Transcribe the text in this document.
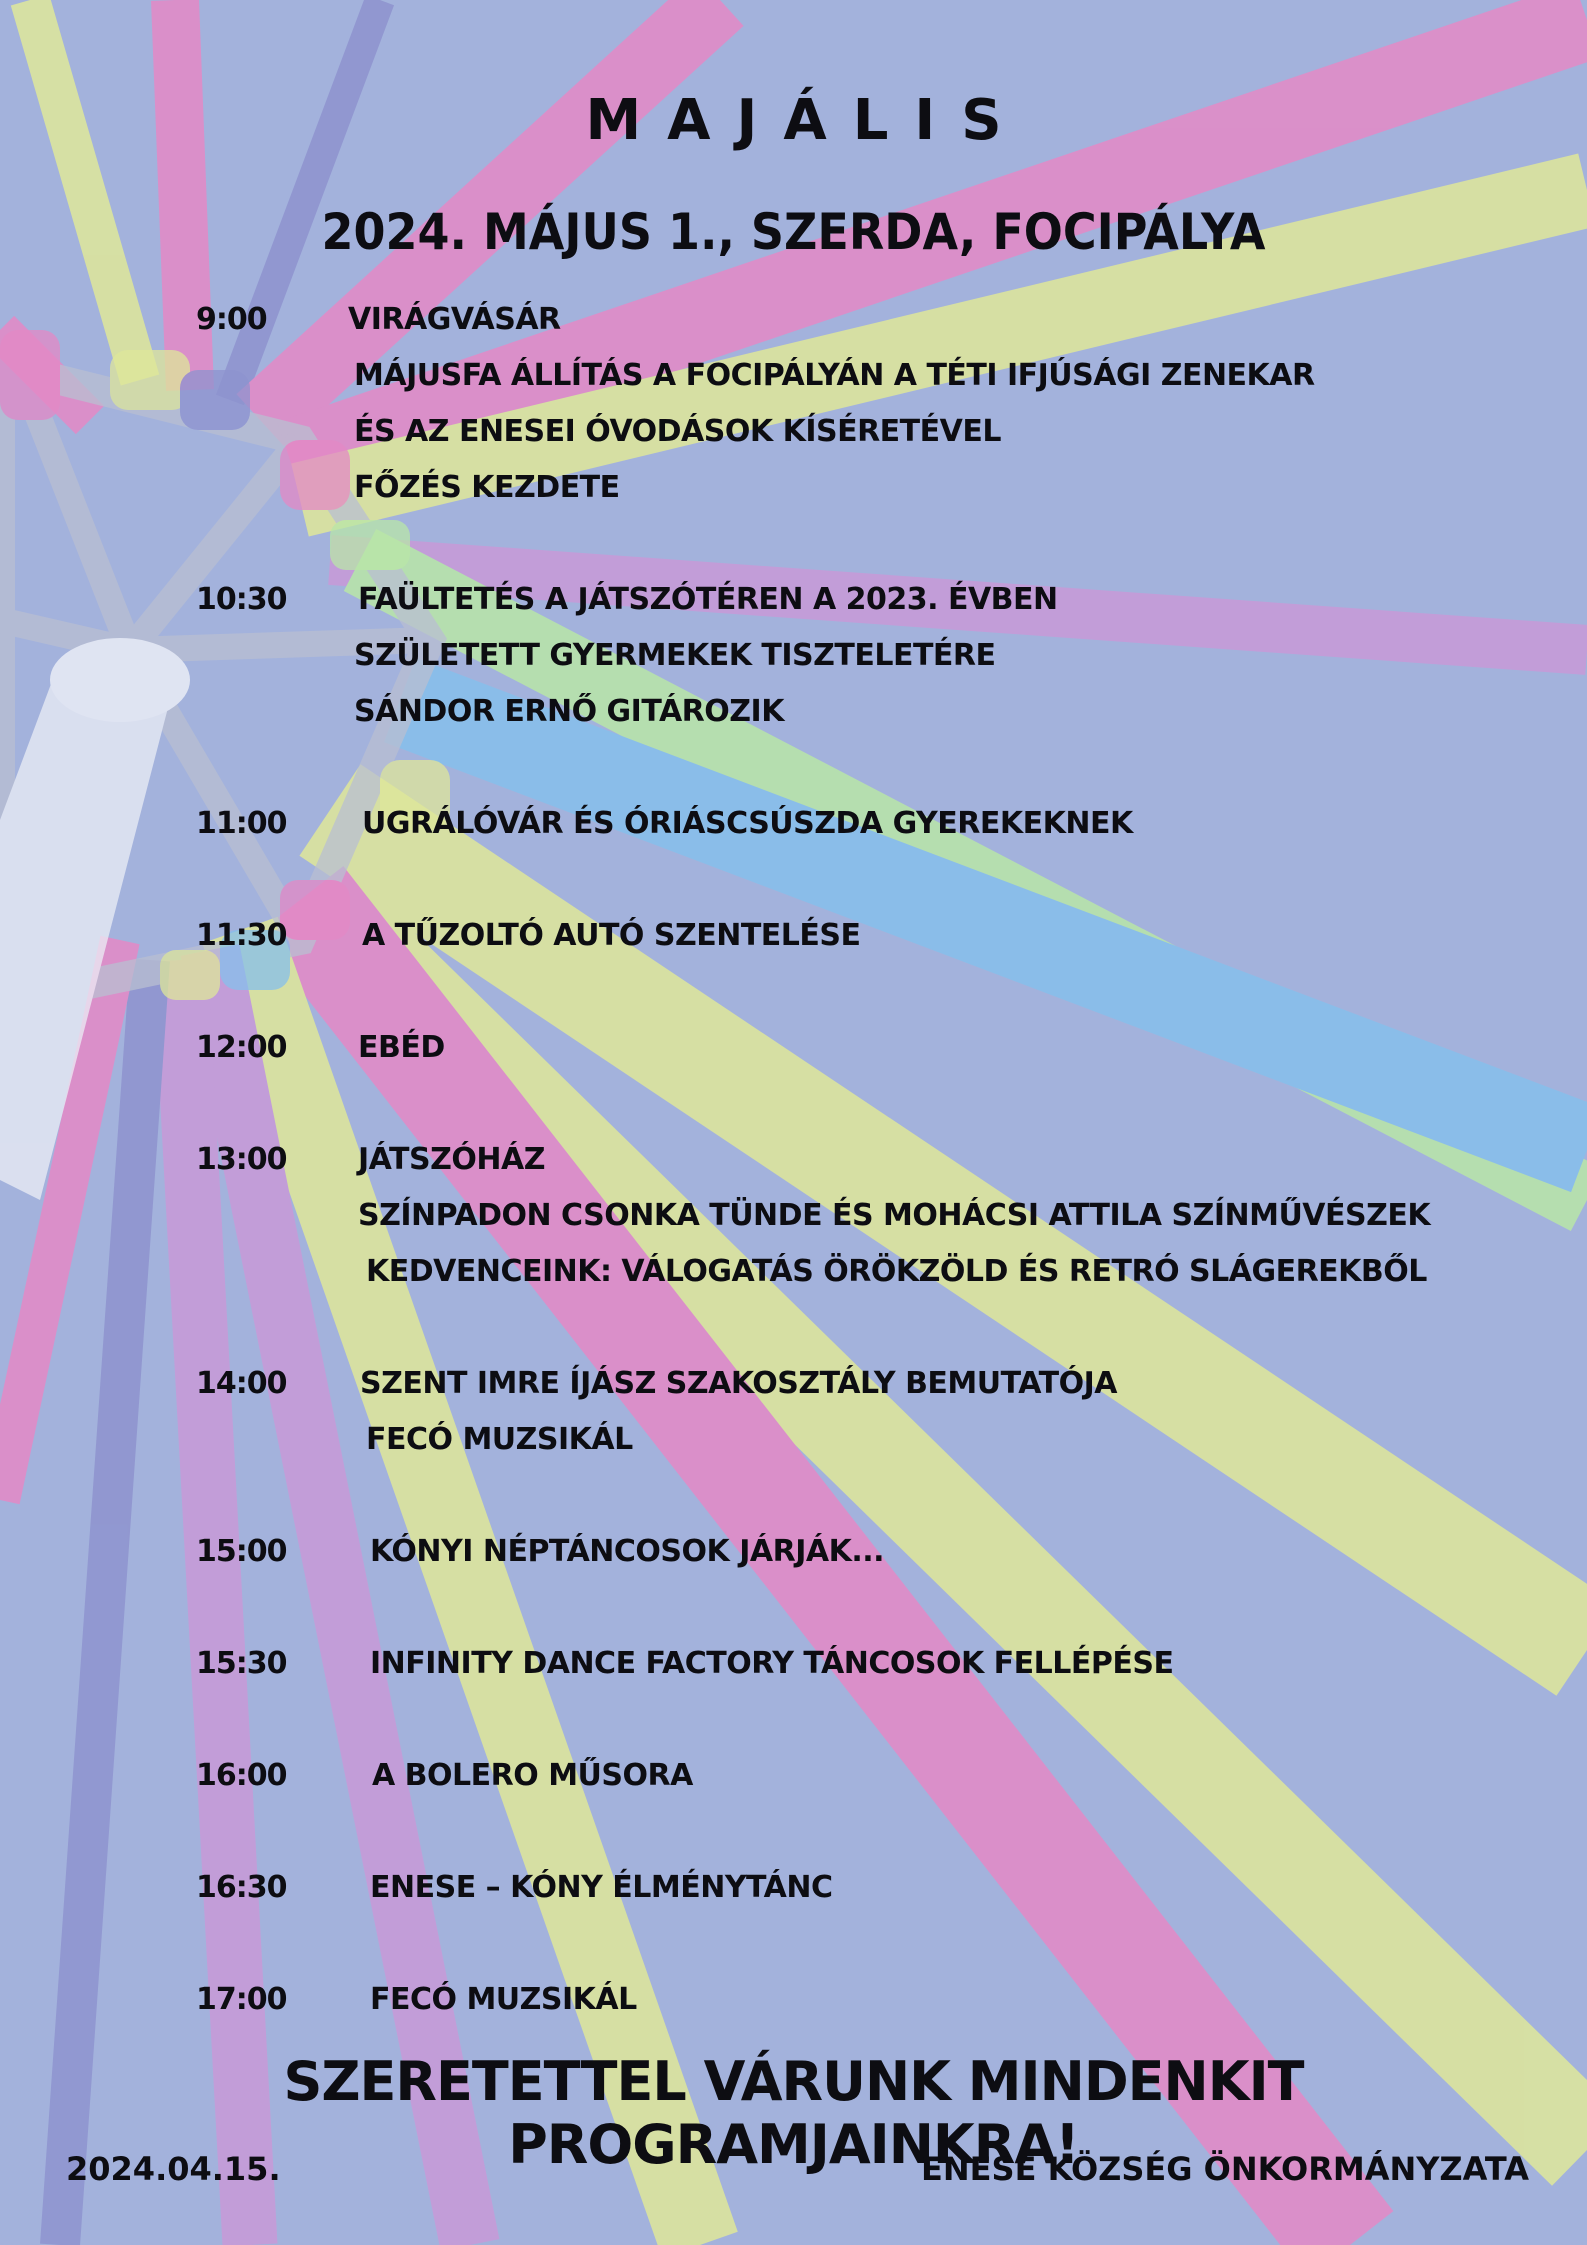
MAJÁLIS
2024. MÁJUS 1., SZERDA, FOCIPÁLYA
9:00	VIRÁGVÁSÁR
MÁJUSFA ÁLLÍTÁS A FOCIPÁLYÁN A TÉTI IFJÚSÁGI ZENEKAR
ÉS AZ ENESEI ÓVODÁSOK KÍSÉRETÉVEL
FŐZÉS KEZDETE
10:30 FAÜLTETÉS A JÁTSZÓTÉREN A 2023. ÉVBEN
SZÜLETETT GYERMEKEK TISZTELETÉRE
SÁNDOR ERNŐ GITÁROZIK
11:00	UGRÁLÓVÁR ÉS ÓRIÁSCSÚSZDA GYEREKEKNEK
11:30	A TŰZOLTÓ AUTÓ SZENTELÉSE
12:00 EBÉD
13:00 JÁTSZÓHÁZ
SZÍNPADON CSONKA TÜNDE ÉS MOHÁCSI ATTILA SZÍNMŰVÉSZEK
KEDVENCEINK: VÁLOGATÁS ÖRÖKZÖLD ÉS RETRÓ SLÁGEREKBŐL
14:00 SZENT IMRE ÍJÁSZ SZAKOSZTÁLY BEMUTATÓJA
FECÓ MUZSIKÁL
15:00	KÓNYI NÉPTÁNCOSOK JÁRJÁK...
15:30	INFINITY DANCE FACTORY TÁNCOSOK FELLÉPÉSE
16:00	A BOLERO MŰSORA
16:30	ENESE – KÓNY ÉLMÉNYTÁNC
17:00	FECÓ MUZSIKÁL
SZERETETTEL VÁRUNK MINDENKIT PROGRAMJAINKRA!
2024.04.15.	ENESE KÖZSÉG ÖNKORMÁNYZATA
